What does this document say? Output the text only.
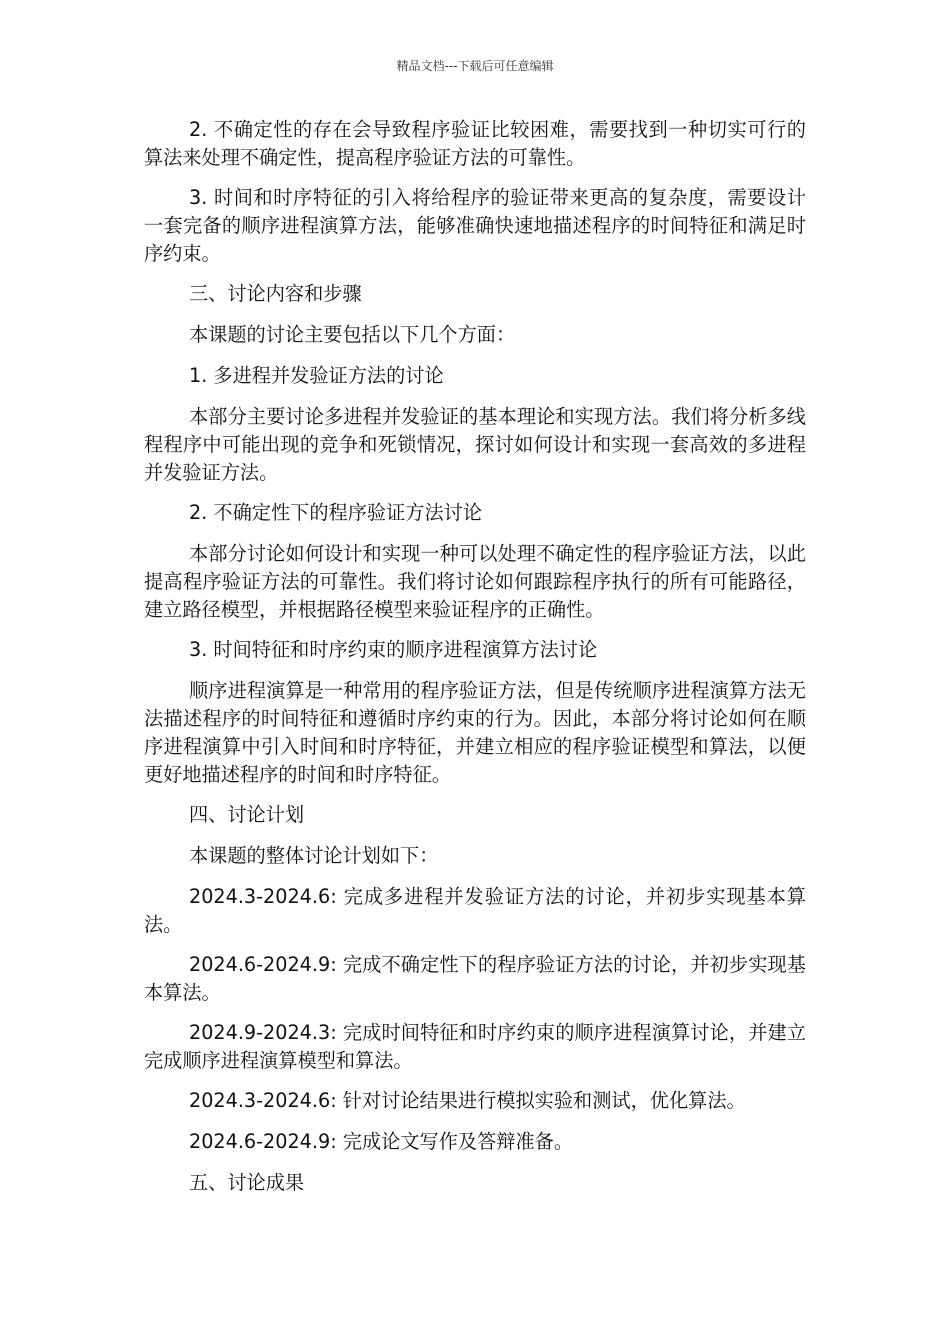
精品文档---下载后可任意编辑

2. 不确定性的存在会导致程序验证比较困难，需要找到一种切实可行的算法来处理不确定性，提高程序验证方法的可靠性。

3. 时间和时序特征的引入将给程序的验证带来更高的复杂度，需要设计一套完备的顺序进程演算方法，能够准确快速地描述程序的时间特征和满足时序约束。

三、讨论内容和步骤

本课题的讨论主要包括以下几个方面：

1. 多进程并发验证方法的讨论

本部分主要讨论多进程并发验证的基本理论和实现方法。我们将分析多线程程序中可能出现的竞争和死锁情况，探讨如何设计和实现一套高效的多进程并发验证方法。

2. 不确定性下的程序验证方法讨论

本部分讨论如何设计和实现一种可以处理不确定性的程序验证方法，以此提高程序验证方法的可靠性。我们将讨论如何跟踪程序执行的所有可能路径，建立路径模型，并根据路径模型来验证程序的正确性。

3. 时间特征和时序约束的顺序进程演算方法讨论

顺序进程演算是一种常用的程序验证方法，但是传统顺序进程演算方法无法描述程序的时间特征和遵循时序约束的行为。因此，本部分将讨论如何在顺序进程演算中引入时间和时序特征，并建立相应的程序验证模型和算法，以便更好地描述程序的时间和时序特征。

四、讨论计划

本课题的整体讨论计划如下：

2024.3-2024.6: 完成多进程并发验证方法的讨论，并初步实现基本算法。

2024.6-2024.9: 完成不确定性下的程序验证方法的讨论，并初步实现基本算法。

2024.9-2024.3: 完成时间特征和时序约束的顺序进程演算讨论，并建立完成顺序进程演算模型和算法。

2024.3-2024.6: 针对讨论结果进行模拟实验和测试，优化算法。

2024.6-2024.9: 完成论文写作及答辩准备。

五、讨论成果
